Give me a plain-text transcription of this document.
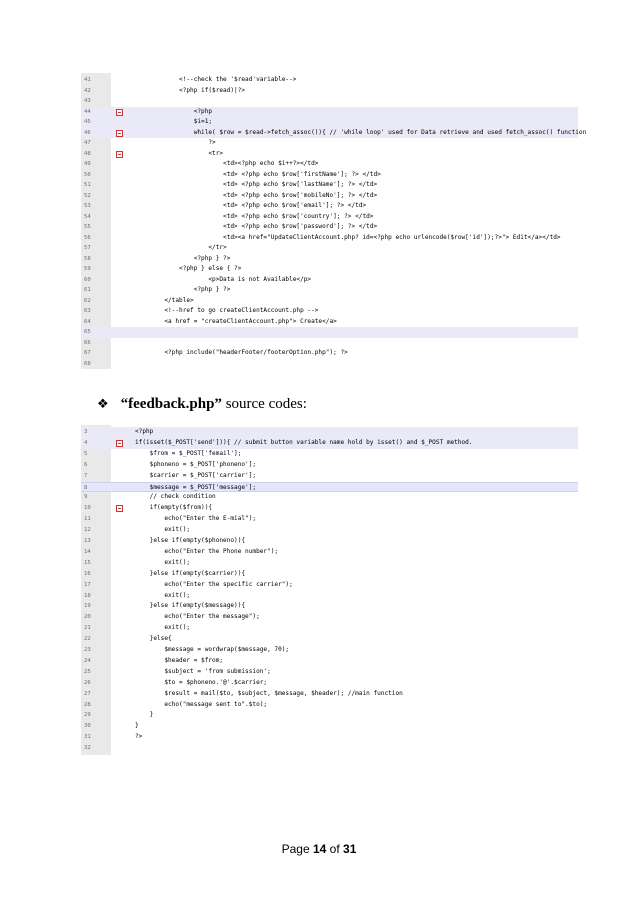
41	<!--check the '$read'variable-->
42	<?php if($read)|?>
43
44	<?php
45	$i=1;
46	while( $row = $read->fetch_assoc()){ // 'while loop' used for Data retrieve and used fetch_assoc() function
47	?>
48	<tr>
49	<td><?php echo $i++?></td>
50	<td> <?php echo $row['firstName']; ?> </td>
51	<td> <?php echo $row['lastName']; ?> </td>
52	<td> <?php echo $row['mobileNo']; ?> </td>
53	<td> <?php echo $row['email']; ?> </td>
54	<td> <?php echo $row['country']; ?> </td>
55	<td> <?php echo $row['password']; ?> </td>
56	<td><a href="UpdateClientAccount.php? id=<?php echo urlencode($row['id']);?>"> Edit</a></td>
57	</tr>
58	<?php } ?>
59	<?php } else { ?>
60	<p>Data is not Available</p>
61	<?php } ?>
62	</table>
63	<!--href to go createClientAccount.php -->
64	<a href = "createClientAccount.php"> Create</a>
65
66
67	<?php include("headerFooter/footerOption.php"); ?>
68
❖ “feedback.php” source codes:
3	<?php
4	if(isset($_POST['send'])){ // submit button variable name hold by isset() and $_POST method.
5	$from = $_POST['femail'];
6	$phoneno = $_POST['phoneno'];
7	$carrier = $_POST['carrier'];
8	$message = $_POST['message'];
9	// check condition
10	if(empty($from)){
11	echo("Enter the E-mial");
12	exit();
13	}else if(empty($phoneno)){
14	echo("Enter the Phone number");
15	exit();
16	}else if(empty($carrier)){
17	echo("Enter the specific carrier");
18	exit();
19	}else if(empty($message)){
20	echo("Enter the message");
21	exit();
22	}else{
23	$message = wordwrap($message, 70);
24	$header = $from;
25	$subject = 'from submission';
26	$to = $phoneno.'@'.$carrier;
27	$result = mail($to, $subject, $message, $header); //main function
28	echo("message sent to".$to);
29	}
30	}
31	?>
32
Page 14 of 31
